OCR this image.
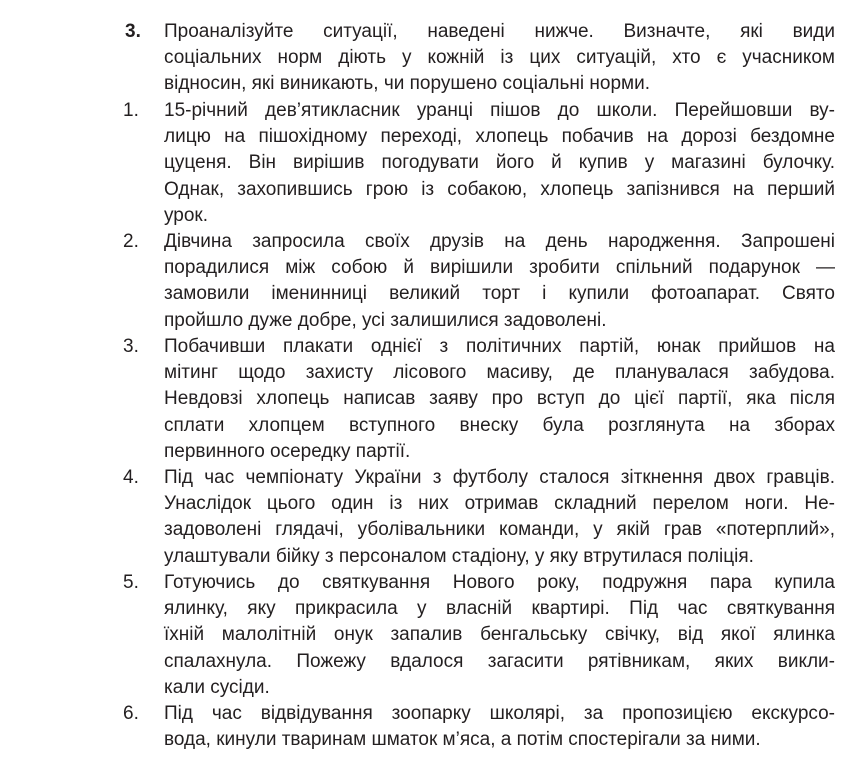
3. Проаналізуйте ситуації, наведені нижче. Визначте, які види
соціальних норм діють у кожній із цих ситуацій, хто є учасником
відносин, які виникають, чи порушено соціальні норми.
1. 15-річний дев’ятикласник уранці пішов до школи. Перейшовши ву-
лицю на пішохідному переході, хлопець побачив на дорозі бездомне
цуценя. Він вирішив погодувати його й купив у магазині булочку.
Однак, захопившись грою із собакою, хлопець запізнився на перший
урок.
2. Дівчина запросила своїх друзів на день народження. Запрошені
порадилися між собою й вирішили зробити спільний подарунок —
замовили іменинниці великий торт і купили фотоапарат. Свято
пройшло дуже добре, усі залишилися задоволені.
3. Побачивши плакати однієї з політичних партій, юнак прийшов на
мітинг щодо захисту лісового масиву, де планувалася забудова.
Невдовзі хлопець написав заяву про вступ до цієї партії, яка після
сплати хлопцем вступного внеску була розглянута на зборах
первинного осередку партії.
4. Під час чемпіонату України з футболу сталося зіткнення двох гравців.
Унаслідок цього один із них отримав складний перелом ноги. Не-
задоволені глядачі, уболівальники команди, у якій грав «потерплий»,
улаштували бійку з персоналом стадіону, у яку втрутилася поліція.
5. Готуючись до святкування Нового року, подружня пара купила
ялинку, яку прикрасила у власній квартирі. Під час святкування
їхній малолітній онук запалив бенгальську свічку, від якої ялинка
спалахнула. Пожежу вдалося загасити рятівникам, яких викли-
кали сусіди.
6. Під час відвідування зоопарку школярі, за пропозицією екскурсо-
вода, кинули тваринам шматок м’яса, а потім спостерігали за ними.
